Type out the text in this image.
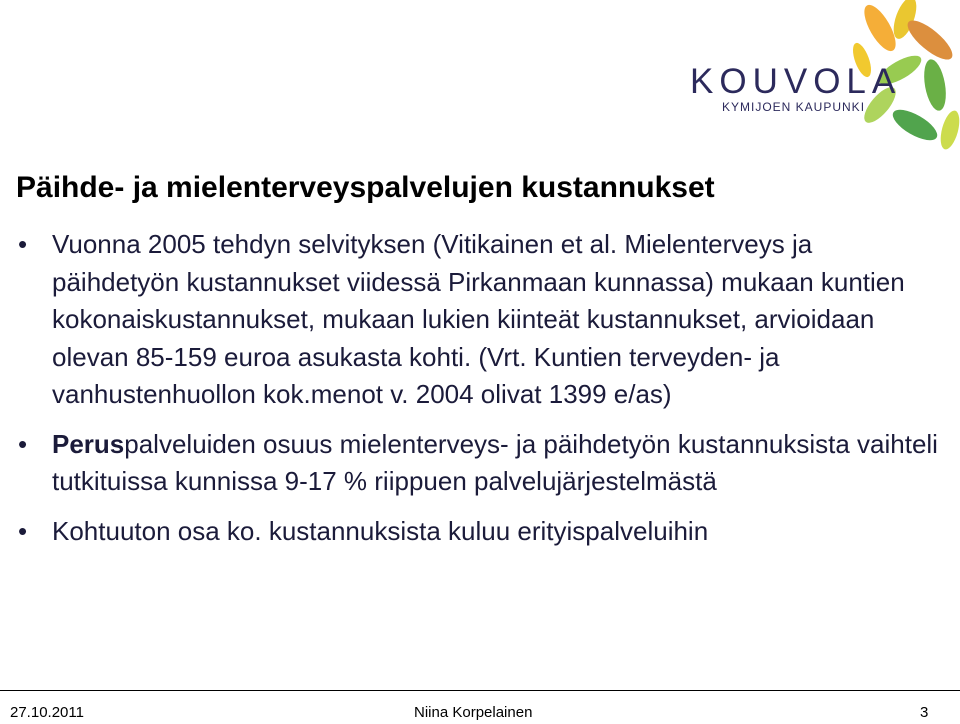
KOUVOLA
KYMIJOEN KAUPUNKI
Päihde- ja mielenterveyspalvelujen kustannukset
• Vuonna 2005 tehdyn selvityksen (Vitikainen et al. Mielenterveys ja päihdetyön kustannukset viidessä Pirkanmaan kunnassa) mukaan kuntien kokonaiskustannukset, mukaan lukien kiinteät kustannukset, arvioidaan olevan 85-159 euroa asukasta kohti. (Vrt. Kuntien terveyden- ja vanhustenhuollon kok.menot v. 2004 olivat 1399 e/as)
• Peruspalveluiden osuus mielenterveys- ja päihdetyön kustannuksista vaihteli tutkituissa kunnissa 9-17 % riippuen palvelujärjestelmästä
• Kohtuuton osa ko. kustannuksista kuluu erityispalveluihin
27.10.2011	Niina Korpelainen	3
